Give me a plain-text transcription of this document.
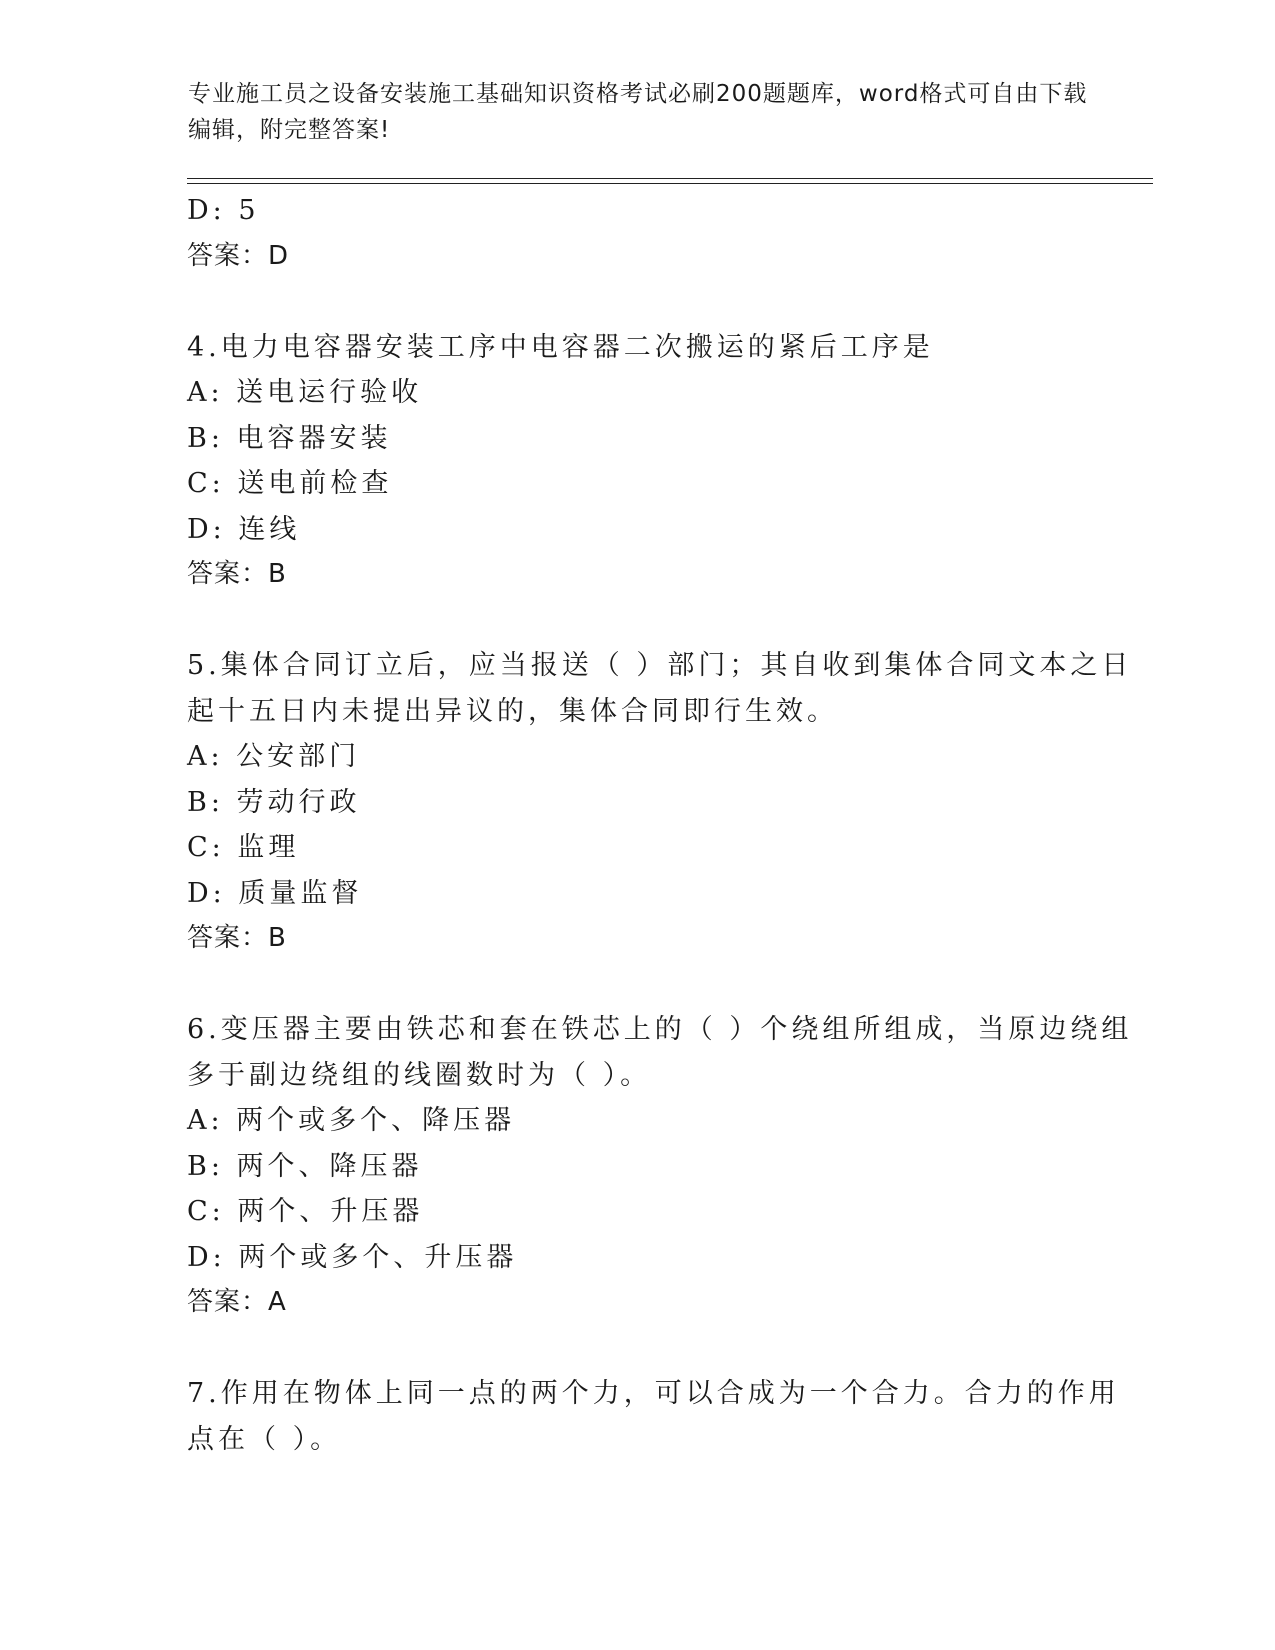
专业施工员之设备安装施工基础知识资格考试必刷200题题库，word格式可自由下载编辑，附完整答案!
D: 5
答案：D
4.电力电容器安装工序中电容器二次搬运的紧后工序是
A: 送电运行验收
B: 电容器安装
C: 送电前检查
D: 连线
答案：B
5.集体合同订立后，应当报送（ ）部门；其自收到集体合同文本之日
起十五日内未提出异议的，集体合同即行生效。
A: 公安部门
B: 劳动行政
C: 监理
D: 质量监督
答案：B
6.变压器主要由铁芯和套在铁芯上的（ ）个绕组所组成，当原边绕组
多于副边绕组的线圈数时为（ ）。
A: 两个或多个、降压器
B: 两个、降压器
C: 两个、升压器
D: 两个或多个、升压器
答案：A
7.作用在物体上同一点的两个力，可以合成为一个合力。合力的作用
点在（ ）。
